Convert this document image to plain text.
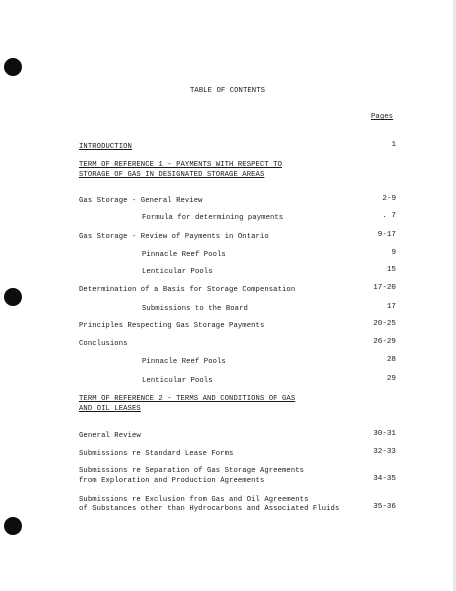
TABLE OF CONTENTS
Pages
INTRODUCTION	1
TERM OF REFERENCE 1 - PAYMENTS WITH RESPECT TO
STORAGE OF GAS IN DESIGNATED STORAGE AREAS
Gas Storage - General Review	2-9
Formula for determining payments	. 7
Gas Storage - Review of Payments in Ontario	9-17
Pinnacle Reef Pools	9
Lenticular Pools	15
Determination of a Basis for Storage Compensation	17-20
Submissions to the Board	17
Principles Respecting Gas Storage Payments	20-25
Conclusions	26-29
Pinnacle Reef Pools	28
Lenticular Pools	29
TERM OF REFERENCE 2 - TERMS AND CONDITIONS OF GAS
AND OIL LEASES
General Review	30-31
Submissions re Standard Lease Forms	32-33
Submissions re Separation of Gas Storage Agreements
from Exploration and Production Agreements	34-35
Submissions re Exclusion from Gas and Oil Agreements
of Substances other than Hydrocarbons and Associated Fluids	35-36
